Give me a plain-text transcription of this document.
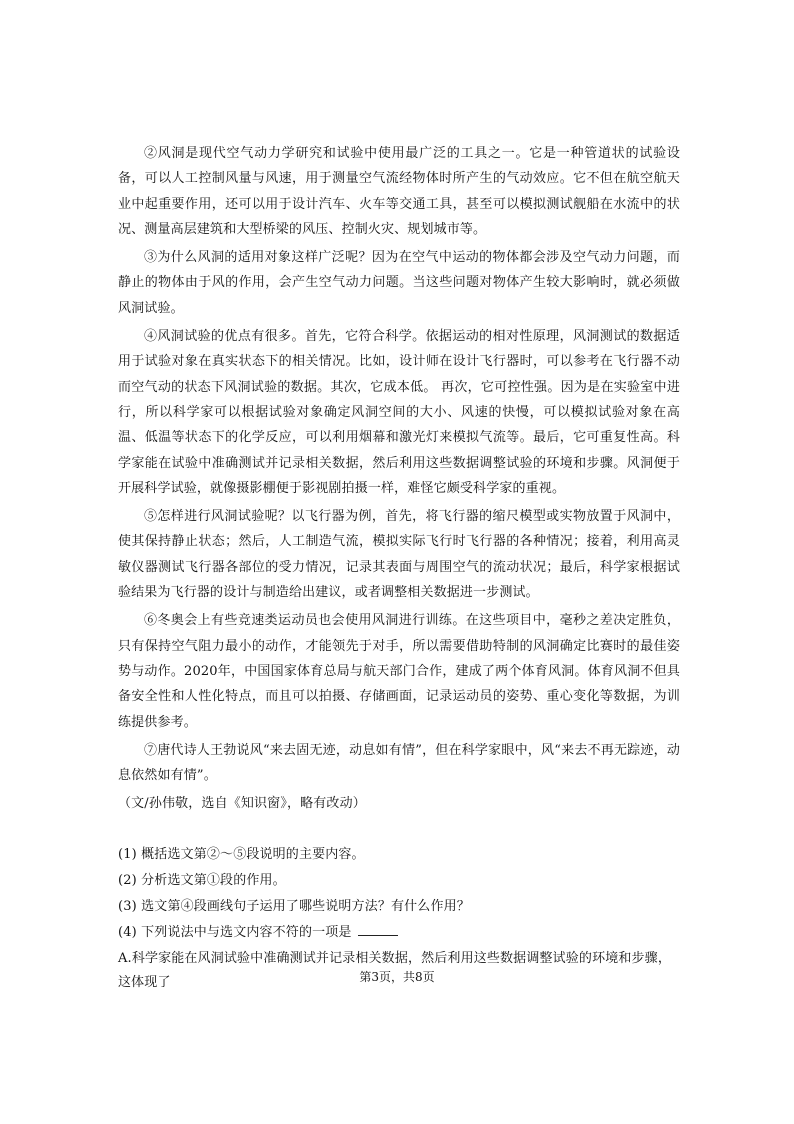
②风洞是现代空气动力学研究和试验中使用最广泛的工具之一。它是一种管道状的试验设备，可以人工控制风量与风速，用于测量空气流经物体时所产生的气动效应。它不但在航空航天业中起重要作用，还可以用于设计汽车、火车等交通工具，甚至可以模拟测试舰船在水流中的状况、测量高层建筑和大型桥梁的风压、控制火灾、规划城市等。

③为什么风洞的适用对象这样广泛呢？因为在空气中运动的物体都会涉及空气动力问题，而静止的物体由于风的作用，会产生空气动力问题。当这些问题对物体产生较大影响时，就必须做风洞试验。

④风洞试验的优点有很多。首先，它符合科学。依据运动的相对性原理，风洞测试的数据适用于试验对象在真实状态下的相关情况。比如，设计师在设计飞行器时，可以参考在飞行器不动而空气动的状态下风洞试验的数据。其次，它成本低。 再次，它可控性强。因为是在实验室中进行，所以科学家可以根据试验对象确定风洞空间的大小、风速的快慢，可以模拟试验对象在高温、低温等状态下的化学反应，可以利用烟幕和激光灯来模拟气流等。最后，它可重复性高。科学家能在试验中准确测试并记录相关数据，然后利用这些数据调整试验的环境和步骤。风洞便于开展科学试验，就像摄影棚便于影视剧拍摄一样，难怪它颇受科学家的重视。

⑤怎样进行风洞试验呢？以飞行器为例，首先，将飞行器的缩尺模型或实物放置于风洞中，使其保持静止状态；然后，人工制造气流，模拟实际飞行时飞行器的各种情况；接着，利用高灵敏仪器测试飞行器各部位的受力情况，记录其表面与周围空气的流动状况；最后，科学家根据试验结果为飞行器的设计与制造给出建议，或者调整相关数据进一步测试。

⑥冬奥会上有些竞速类运动员也会使用风洞进行训练。在这些项目中，毫秒之差决定胜负，只有保持空气阻力最小的动作，才能领先于对手，所以需要借助特制的风洞确定比赛时的最佳姿势与动作。2020年，中国国家体育总局与航天部门合作，建成了两个体育风洞。体育风洞不但具备安全性和人性化特点，而且可以拍摄、存储画面，记录运动员的姿势、重心变化等数据，为训练提供参考。

⑦唐代诗人王勃说风“来去固无迹，动息如有情”，但在科学家眼中，风“来去不再无踪迹，动息依然如有情”。

（文/孙伟敬，选自《知识窗》，略有改动）

(1) 概括选文第②～⑤段说明的主要内容。

(2) 分析选文第①段的作用。

(3) 选文第④段画线句子运用了哪些说明方法？有什么作用？

(4) 下列说法中与选文内容不符的一项是

A.科学家能在风洞试验中准确测试并记录相关数据，然后利用这些数据调整试验的环境和步骤，这体现了	第3页，共8页
